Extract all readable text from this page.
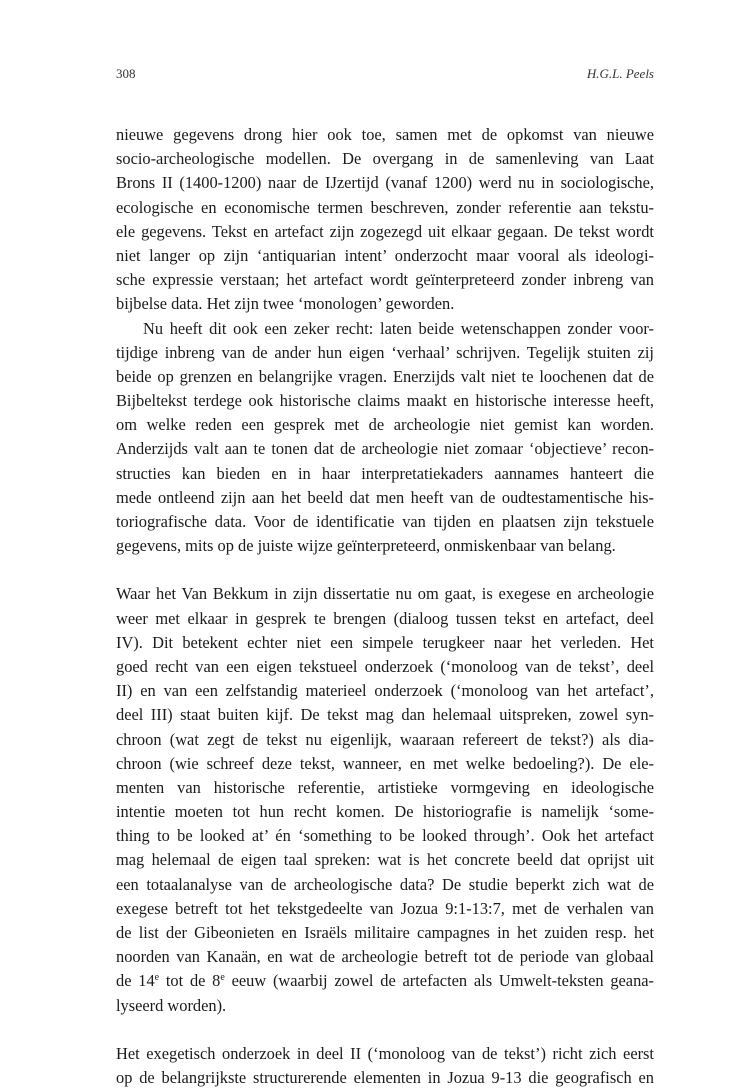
308	H.G.L. Peels
nieuwe gegevens drong hier ook toe, samen met de opkomst van nieuwe
socio-archeologische modellen. De overgang in de samenleving van Laat
Brons II (1400-1200) naar de IJzertijd (vanaf 1200) werd nu in sociologische,
ecologische en economische termen beschreven, zonder referentie aan tekstu-
ele gegevens. Tekst en artefact zijn zogezegd uit elkaar gegaan. De tekst wordt
niet langer op zijn ‘antiquarian intent’ onderzocht maar vooral als ideologi-
sche expressie verstaan; het artefact wordt geïnterpreteerd zonder inbreng van
bijbelse data. Het zijn twee ‘monologen’ geworden.
Nu heeft dit ook een zeker recht: laten beide wetenschappen zonder voor-
tijdige inbreng van de ander hun eigen ‘verhaal’ schrijven. Tegelijk stuiten zij
beide op grenzen en belangrijke vragen. Enerzijds valt niet te loochenen dat de
Bijbeltekst terdege ook historische claims maakt en historische interesse heeft,
om welke reden een gesprek met de archeologie niet gemist kan worden.
Anderzijds valt aan te tonen dat de archeologie niet zomaar ‘objectieve’ recon-
structies kan bieden en in haar interpretatiekaders aannames hanteert die
mede ontleend zijn aan het beeld dat men heeft van de oudtestamentische his-
toriografische data. Voor de identificatie van tijden en plaatsen zijn tekstuele
gegevens, mits op de juiste wijze geïnterpreteerd, onmiskenbaar van belang.
Waar het Van Bekkum in zijn dissertatie nu om gaat, is exegese en archeologie
weer met elkaar in gesprek te brengen (dialoog tussen tekst en artefact, deel
IV). Dit betekent echter niet een simpele terugkeer naar het verleden. Het
goed recht van een eigen tekstueel onderzoek (‘monoloog van de tekst’, deel
II) en van een zelfstandig materieel onderzoek (‘monoloog van het artefact’,
deel III) staat buiten kijf. De tekst mag dan helemaal uitspreken, zowel syn-
chroon (wat zegt de tekst nu eigenlijk, waaraan refereert de tekst?) als dia-
chroon (wie schreef deze tekst, wanneer, en met welke bedoeling?). De ele-
menten van historische referentie, artistieke vormgeving en ideologische
intentie moeten tot hun recht komen. De historiografie is namelijk ‘some-
thing to be looked at’ én ‘something to be looked through’. Ook het artefact
mag helemaal de eigen taal spreken: wat is het concrete beeld dat oprijst uit
een totaalanalyse van de archeologische data? De studie beperkt zich wat de
exegese betreft tot het tekstgedeelte van Jozua 9:1-13:7, met de verhalen van
de list der Gibeonieten en Israëls militaire campagnes in het zuiden resp. het
noorden van Kanaän, en wat de archeologie betreft tot de periode van globaal
de 14e tot de 8e eeuw (waarbij zowel de artefacten als Umwelt-teksten geana-
lyseerd worden).
Het exegetisch onderzoek in deel II (‘monoloog van de tekst’) richt zich eerst
op de belangrijkste structurerende elementen in Jozua 9-13 die geografisch en
